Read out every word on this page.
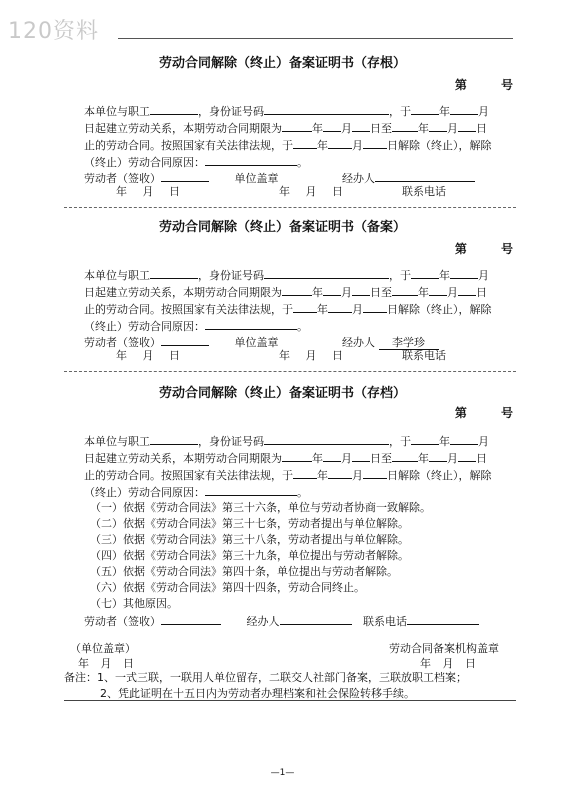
120资料
劳动合同解除（终止）备案证明书（存根）
第 号
本单位与职工	，身份证号码	，于	年	月
日起建立劳动关系，本期劳动合同期限为	年 月 日至 年 月 日
止的劳动合同。按照国家有关法律法规，于 年 月 日解除（终止），解除
（终止）劳动合同原因：	。
劳动者（签收）	单位盖章	经办人
年 月 日	年 月 日	联系电话
劳动合同解除（终止）备案证明书（备案）
第 号
本单位与职工	，身份证号码	，于	年	月
日起建立劳动关系，本期劳动合同期限为	年 月 日至 年 月 日
止的劳动合同。按照国家有关法律法规，于 年 月 日解除（终止），解除
（终止）劳动合同原因：	。
劳动者（签收）	单位盖章	经办人 李学珍
年 月 日	年 月 日	联系电话
劳动合同解除（终止）备案证明书（存档）
第 号
本单位与职工	，身份证号码	，于	年	月
日起建立劳动关系，本期劳动合同期限为	年 月 日至 年 月 日
止的劳动合同。按照国家有关法律法规，于 年 月 日解除（终止），解除
（终止）劳动合同原因：	。
（一）依据《劳动合同法》第三十六条，单位与劳动者协商一致解除。
（二）依据《劳动合同法》第三十七条，劳动者提出与单位解除。
（三）依据《劳动合同法》第三十八条，劳动者提出与单位解除。
（四）依据《劳动合同法》第三十九条，单位提出与劳动者解除。
（五）依据《劳动合同法》第四十条，单位提出与劳动者解除。
（六）依据《劳动合同法》第四十四条，劳动合同终止。
（七）其他原因。
劳动者（签收）	经办人	联系电话
（单位盖章）	劳动合同备案机构盖章
年 月 日	年 月 日
备注：1、一式三联，一联用人单位留存，二联交人社部门备案，三联放职工档案；
2、凭此证明在十五日内为劳动者办理档案和社会保险转移手续。
—1—
